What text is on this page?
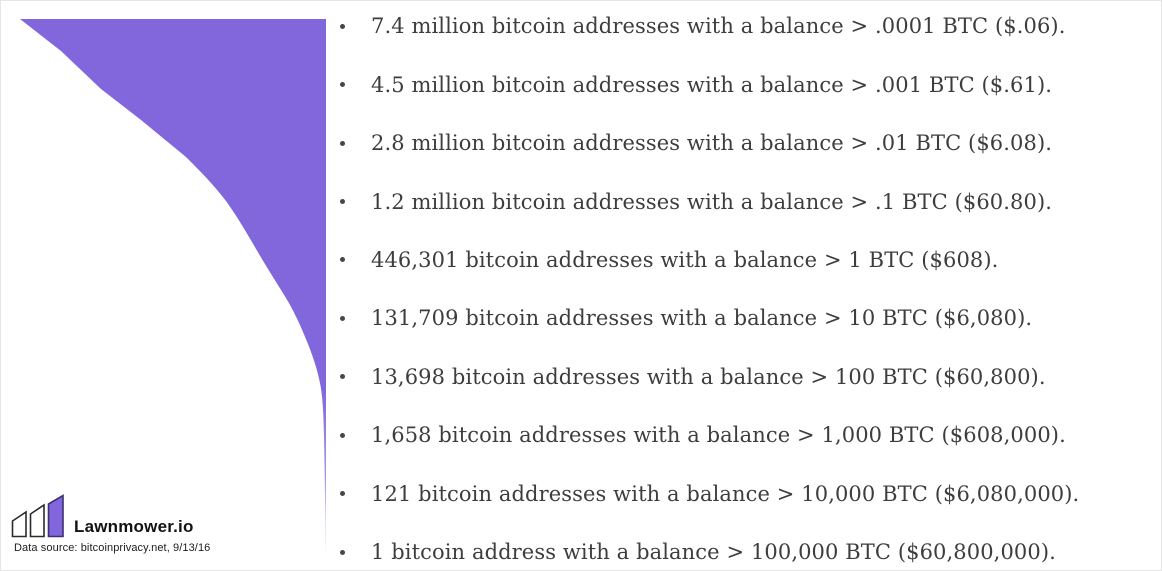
7.4 million bitcoin addresses with a balance > .0001 BTC ($.06).
4.5 million bitcoin addresses with a balance > .001 BTC ($.61).
2.8 million bitcoin addresses with a balance > .01 BTC ($6.08).
1.2 million bitcoin addresses with a balance > .1 BTC ($60.80).
446,301 bitcoin addresses with a balance > 1 BTC ($608).
131,709 bitcoin addresses with a balance > 10 BTC ($6,080).
13,698 bitcoin addresses with a balance > 100 BTC ($60,800).
1,658 bitcoin addresses with a balance > 1,000 BTC ($608,000).
121 bitcoin addresses with a balance > 10,000 BTC ($6,080,000).
1 bitcoin address with a balance > 100,000 BTC ($60,800,000).
Lawnmower.io
Data source: bitcoinprivacy.net, 9/13/16
